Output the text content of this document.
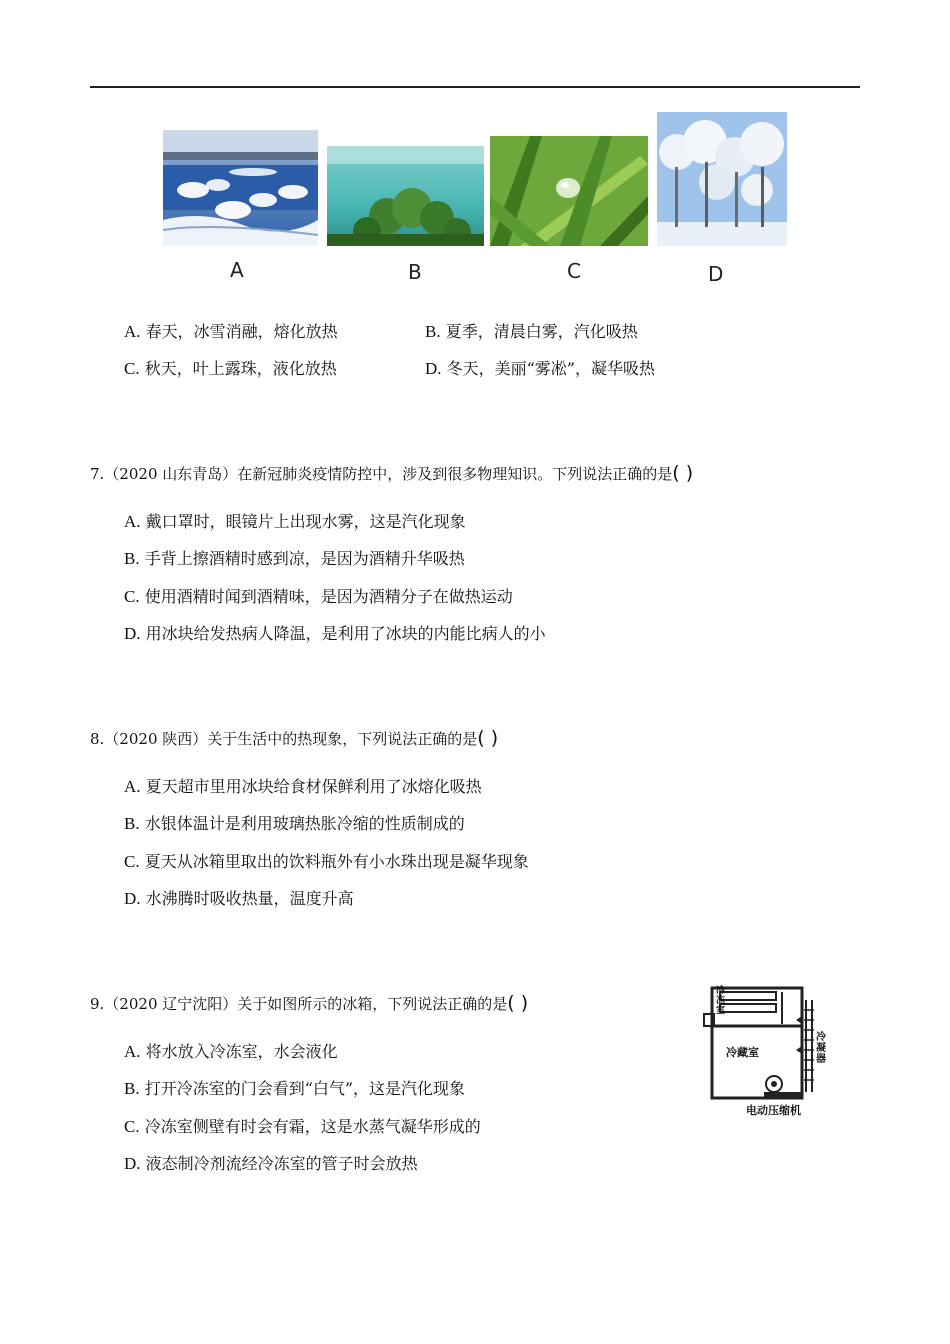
A	B	C	D
A. 春天，冰雪消融，熔化放热	B. 夏季，清晨白雾，汽化吸热
C. 秋天，叶上露珠，液化放热	D. 冬天，美丽“雾凇”，凝华吸热
7.（2020 山东青岛）在新冠肺炎疫情防控中，涉及到很多物理知识。下列说法正确的是( )
A. 戴口罩时，眼镜片上出现水雾，这是汽化现象
B. 手背上擦酒精时感到凉，是因为酒精升华吸热
C. 使用酒精时闻到酒精味，是因为酒精分子在做热运动
D. 用冰块给发热病人降温，是利用了冰块的内能比病人的小
8.（2020 陕西）关于生活中的热现象，下列说法正确的是( )
A. 夏天超市里用冰块给食材保鲜利用了冰熔化吸热
B. 水银体温计是利用玻璃热胀冷缩的性质制成的
C. 夏天从冰箱里取出的饮料瓶外有小水珠出现是凝华现象
D. 水沸腾时吸收热量，温度升高
9.（2020 辽宁沈阳）关于如图所示的冰箱，下列说法正确的是( )
A. 将水放入冷冻室，水会液化
B. 打开冷冻室的门会看到“白气”，这是汽化现象
C. 冷冻室侧壁有时会有霜，这是水蒸气凝华形成的
D. 液态制冷剂流经冷冻室的管子时会放热
冷冻室
冷藏室
冷凝器
电动压缩机
